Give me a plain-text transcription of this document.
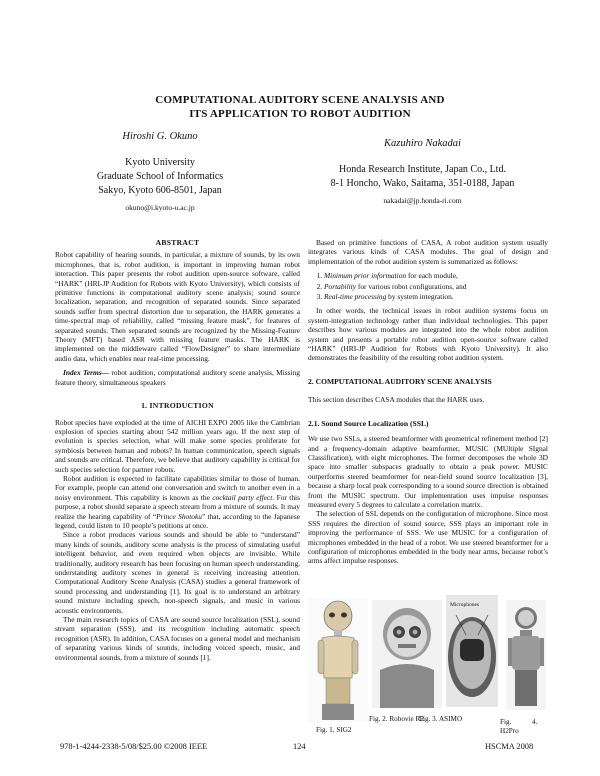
COMPUTATIONAL AUDITORY SCENE ANALYSIS AND
ITS APPLICATION TO ROBOT AUDITION
Hiroshi G. Okuno
Kyoto University
Graduate School of Informatics
Sakyo, Kyoto 606-8501, Japan
okuno@i.kyoto-u.ac.jp
Kazuhiro Nakadai
Honda Research Institute, Japan Co., Ltd.
8-1 Honcho, Wako, Saitama, 351-0188, Japan
nakadai@jp.honda-ri.com
ABSTRACT

Robot capability of hearing sounds, in particular, a mixture of sounds, by its own microphones, that is, robot audition, is important in improving human robot interaction. This paper presents the robot audition open-source software, called “HARK” (HRI-JP Audition for Robots with Kyoto University), which consists of primitive functions in computational auditory scene analysis; sound source localization, separation, and recognition of separated sounds. Since separated sounds suffer from spectral distortion due to separation, the HARK generates a time-spectral map of reliability, called “missing feature mask”, for features of separated sounds. Then separated sounds are recognized by the Missing-Feature Theory (MFT) based ASR with missing feature masks. The HARK is implemented on the middleware called “FlowDesigner” to share intermediate audio data, which enables near real-time processing.

Index Terms— robot audition, computational auditory scene analysis, Missing feature theory, simultaneous speakers

1. INTRODUCTION

Robot species have exploded at the time of AICHI EXPO 2005 like the Cambrian explosion of species starting about 542 million years ago. If the next step of evolution is species selection, what will make some species proliferate for symbiosis between human and robots? In human communication, speech signals and sounds are critical. Therefore, we believe that auditory capability is critical for such species selection for partner robots.

Robot audition is expected to facilitate capabilities similar to those of human. For example, people can attend one conversation and switch to another even in a noisy environment. This capability is known as the cocktail party effect. For this purpose, a robot should separate a speech stream from a mixture of sounds. It may realize the hearing capability of “Prince Shotoku” that, according to the Japanese legend, could listen to 10 people’s petitions at once.

Since a robot produces various sounds and should be able to “understand” many kinds of sounds, auditory scene analysis is the process of simulating useful intelligent behavior, and even required when objects are invisible. While traditionally, auditory research has been focusing on human speech understanding, understanding auditory scenes in general is receiving increasing attention. Computational Auditory Scene Analysis (CASA) studies a general framework of sound processing and understanding [1]. Its goal is to understand an arbitrary sound mixture including speech, non-speech signals, and music in various acoustic environments.

The main research topics of CASA are sound source localization (SSL), sound stream separation (SSS), and its recognition including automatic speech recognition (ASR). In addition, CASA focuses on a general model and mechanism of separating various kinds of sounds, including voiced speech, music, and environmental sounds, from a mixture of sounds [1].

Based on primitive functions of CASA, A robot audition system usually integrates various kinds of CASA modules. The goal of design and implementation of the robot audition system is summarized as follows:

1. Minimum prior information for each module,
2. Portability for various robot configurations, and
3. Real-time processing by system integration.

In other words, the technical issues in robot audition systems focus on system-integration technology rather than individual technologies. This paper describes how various modules are integrated into the whole robot audition system and presents a portable robot audition open-source software called “HARK” (HRI-JP Audition for Robots with Kyoto University). It also demonstrates the feasibility of the resulting robot audition system.

2. COMPUTATIONAL AUDITORY SCENE ANALYSIS

This section describes CASA modules that the HARK uses.

2.1. Sound Source Localization (SSL)

We use two SSLs, a steered beamformer with geometrical refinement method [2] and a frequency-domain adaptive beamformer, MUSIC (MUltiple SIgnal Classification), with eight microphones. The former decomposes the whole 3D space into smaller subspaces gradually to obtain a peak power. MUSIC outperforms steered beamformer for near-field sound source localization [3], because a sharp local peak corresponding to a sound source direction is obtained from the MUSIC spectrum. Our implementation uses impulse responses measured every 5 degrees to calculate a correlation matrix.

The selection of SSL depends on the configuration of microphone. Since most SSS requires the direction of sound source, SSS plays an important role in improving the performance of SSS. We use MUSIC for a configuration of microphones embedded in the head of a robot. We use steered beamformer for a configuration of microphones embedded in the body near arms, because robot’s arms affect impulse responses.

Fig. 1. SIG2
Fig. 2. Robovie R2
Microphones
Fig. 3. ASIMO	Fig.	4.
H2Pro
978-1-4244-2338-5/08/$25.00 ©2008 IEEE	124	HSCMA 2008
